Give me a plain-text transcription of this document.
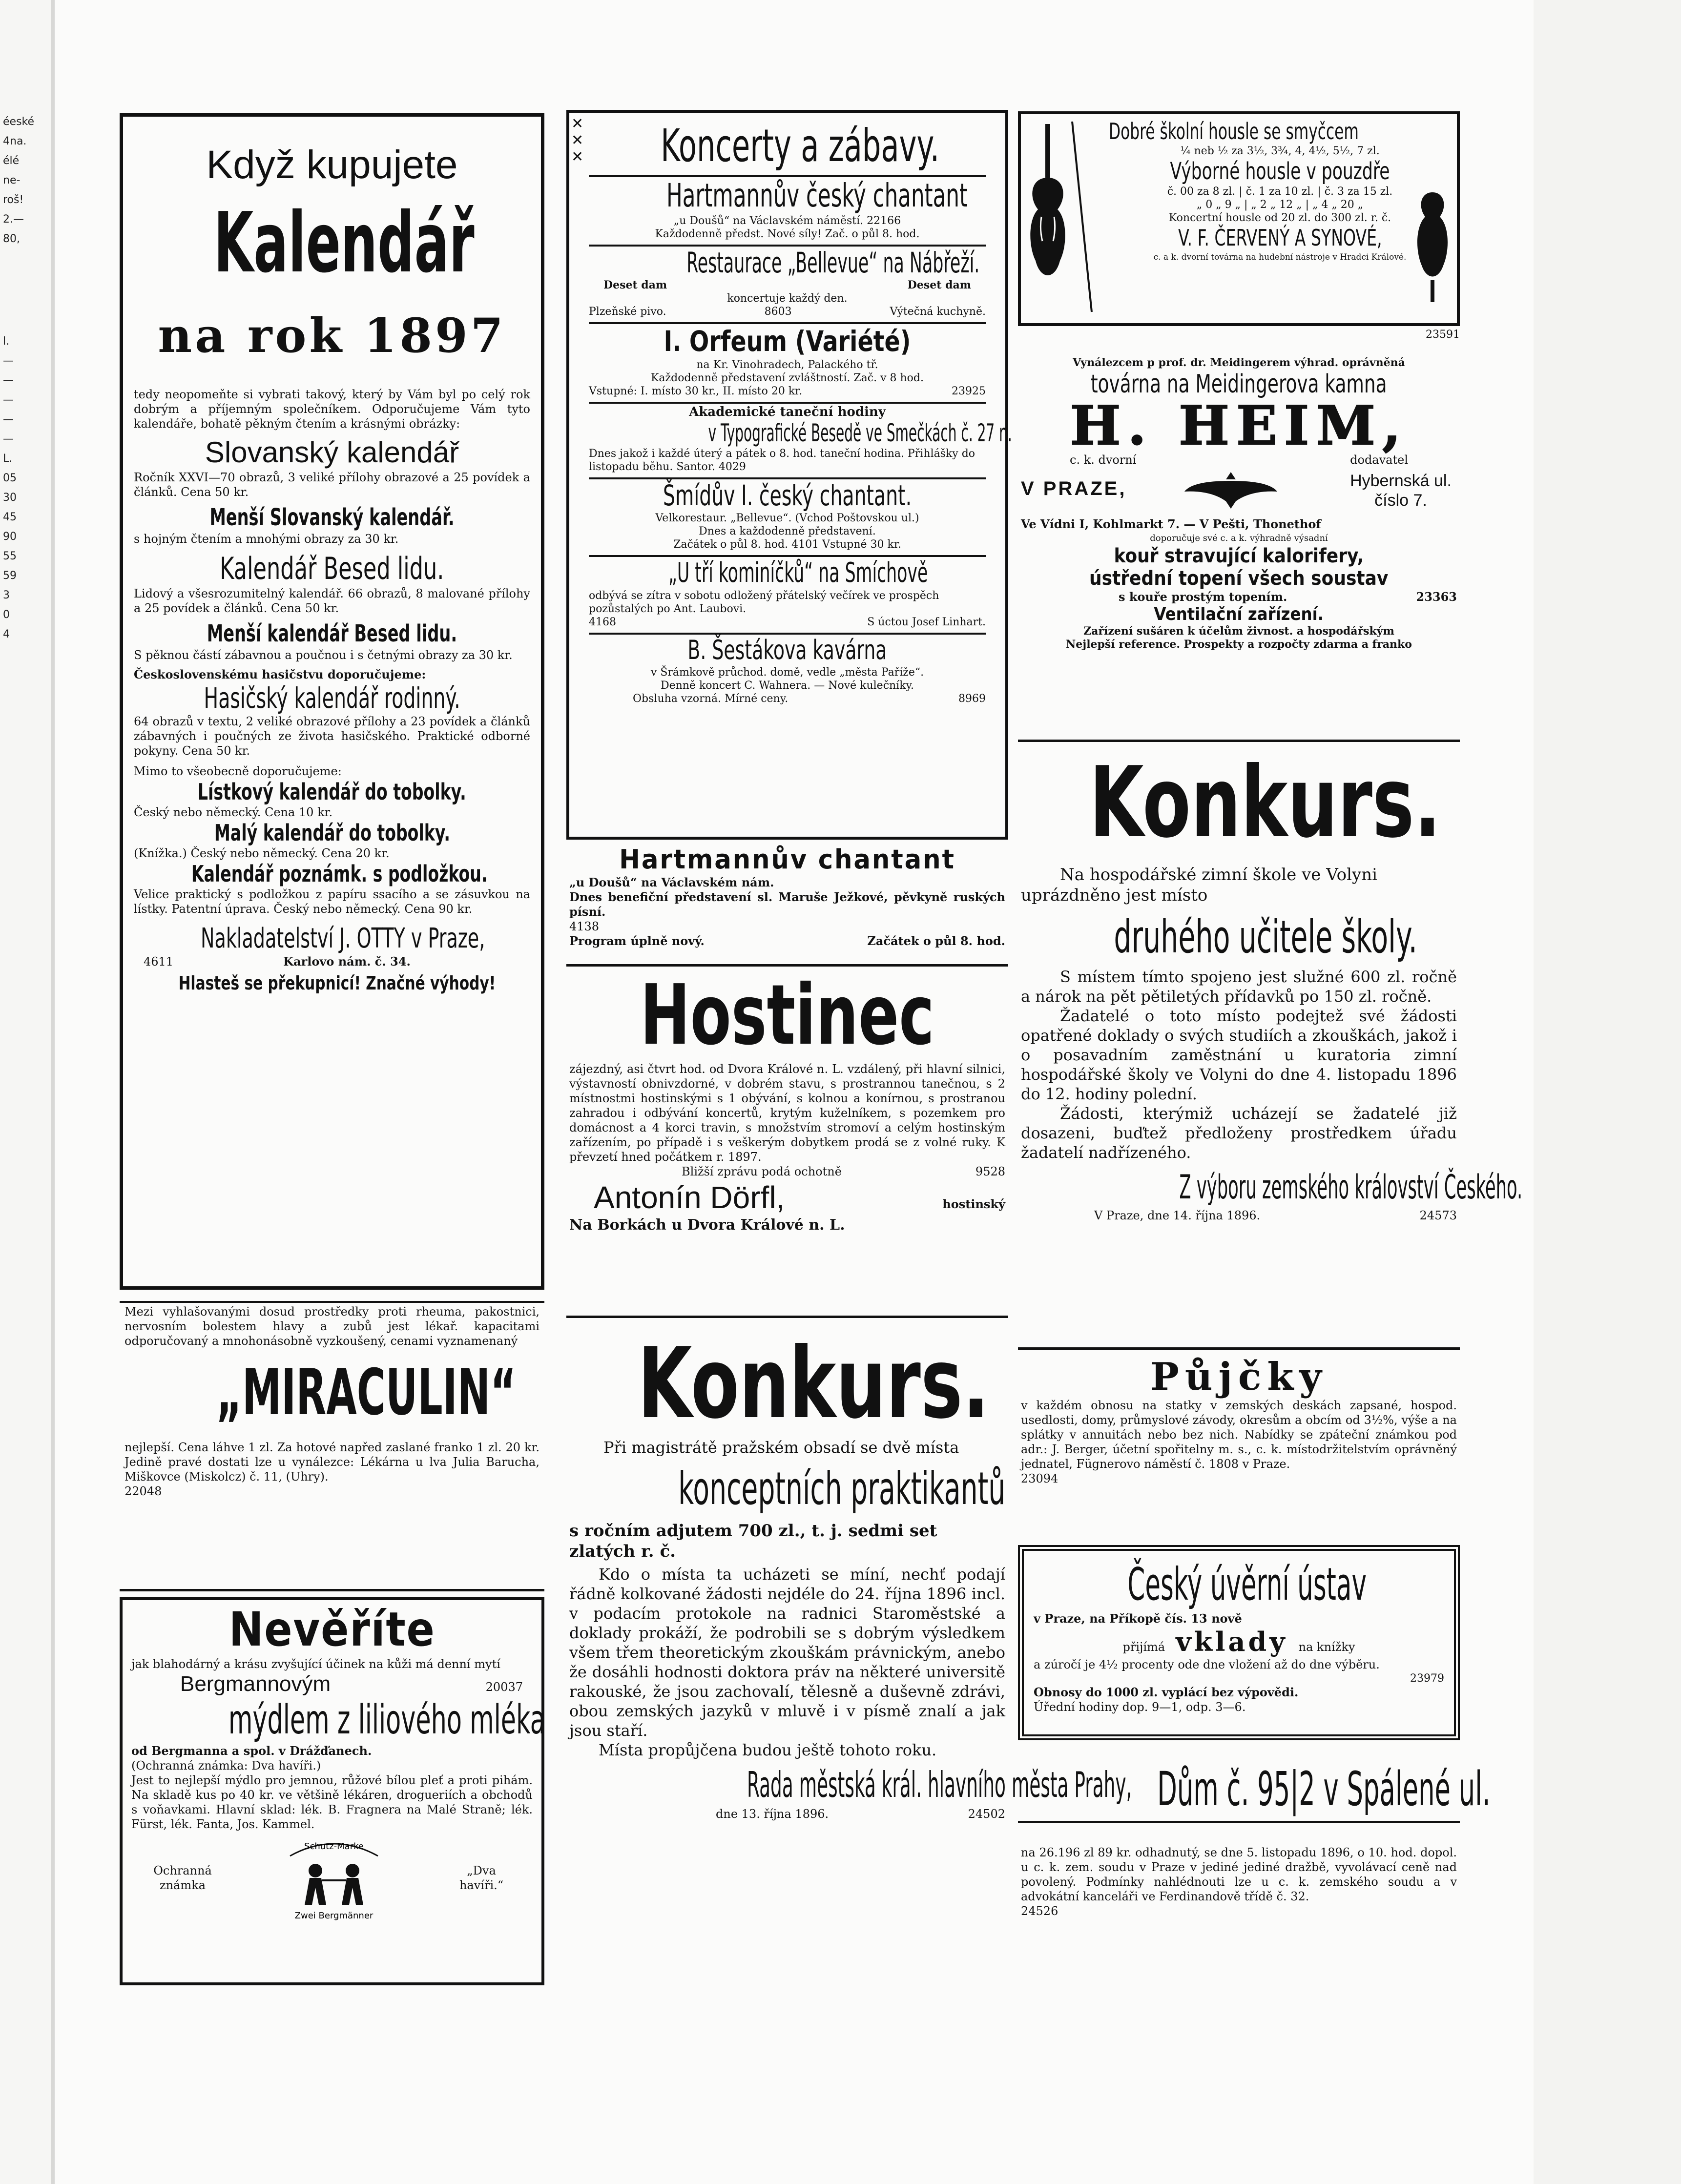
éeské
4na.
élé
ne-
roš!
2.—
80,
l.
—
—
—
—
—
L.
05
30
45
90
55
59
3
0
4
Když kupujete
Kalendář
na rok 1897

tedy neopomeňte si vybrati takový, který by Vám byl po celý rok dobrým a příjemným společníkem. Odporučujeme Vám tyto kalendáře, bohatě pěkným čtením a krásnými obrázky:

Slovanský kalendář

Ročník XXVI—70 obrazů, 3 veliké přílohy obrazové a 25 povídek a článků. Cena 50 kr.

Menší Slovanský kalendář.

s hojným čtením a mnohými obrazy za 30 kr.

Kalendář Besed lidu.

Lidový a všesrozumitelný kalendář. 66 obrazů, 8 malované přílohy a 25 povídek a článků. Cena 50 kr.

Menší kalendář Besed lidu.

S pěknou částí zábavnou a poučnou i s četnými obrazy za 30 kr.

Československému hasičstvu doporučujeme:

Hasičský kalendář rodinný.

64 obrazů v textu, 2 veliké obrazové přílohy a 23 povídek a článků zábavných i poučných ze života hasičského. Praktické odborné pokyny. Cena 50 kr.

Mimo to všeobecně doporučujeme:

Lístkový kalendář do tobolky.

Český nebo německý. Cena 10 kr.

Malý kalendář do tobolky.

(Knížka.) Český nebo německý. Cena 20 kr.

Kalendář poznámk. s podložkou.

Velice praktický s podložkou z papíru ssacího a se zásuvkou na lístky. Patentní úprava. Český nebo německý. Cena 90 kr.

Nakladatelství J. OTTY v Praze,
4611	Karlovo nám. č. 34.
Hlasteš se překupnicí! Značné výhody!

Mezi vyhlašovanými dosud prostředky proti rheuma, pakostnici, nervosním bolestem hlavy a zubů jest lékař. kapacitami odporučovaný a mnohonásobně vyzkoušený, cenami vyznamenaný

„MIRACULIN“

nejlepší. Cena láhve 1 zl. Za hotové napřed zaslané franko 1 zl. 20 kr. Jedině pravé dostati lze u vynálezce: Lékárna u lva Julia Barucha, Miškovce (Miskolcz) č. 11, (Uhry).

22048

Nevěříte

jak blahodárný a krásu zvyšující účinek na kůži má denní mytí

Bergmannovým	20037
mýdlem z liliového mléka

od Bergmanna a spol. v Drážďanech.

(Ochranná známka: Dva havíři.)

Jest to nejlepší mýdlo pro jemnou, růžové bílou pleť a proti pihám. Na skladě kus po 40 kr. ve většině lékáren, drogueriích a obchodů s voňavkami. Hlavní sklad: lék. B. Fragnera na Malé Straně; lék. Fürst, lék. Fanta, Jos. Kammel.

Ochranná známka
Schutz-Marke
Zwei Bergmänner
„Dva havíři.“
✕
✕
✕	Koncerty a zábavy.
Hartmannův český chantant

„u Doušů“ na Václavském náměstí. 22166

Každodenně předst. Nové síly! Zač. o půl 8. hod.

Restaurace „Bellevue“ na Nábřeží.
Deset dam	Deset dam

koncertuje každý den.

Plzeňské pivo.	8603	Výtečná kuchyně.
I. Orfeum (Variété)

na Kr. Vinohradech, Palackého tř.

Každodenně představení zvláštností. Zač. v 8 hod.

Vstupné: I. místo 30 kr., II. místo 20 kr.	23925

Akademické taneční hodiny

v Typografické Besedě ve Smečkách č. 27 n.

Dnes jakož i každé úterý a pátek o 8. hod. taneční hodina. Přihlášky do listopadu běhu. Santor. 4029

Šmídův I. český chantant.

Velkorestaur. „Bellevue“. (Vchod Poštovskou ul.)

Dnes a každodenně představení.

Začátek o půl 8. hod. 4101 Vstupné 30 kr.

„U tří kominíčků“ na Smíchově

odbývá se zítra v sobotu odložený přátelský večírek ve prospěch pozůstalých po Ant. Laubovi.

4168	S úctou Josef Linhart.
B. Šestákova kavárna

v Šrámkově průchod. domě, vedle „města Paříže“.

Denně koncert C. Wahnera. — Nové kulečníky.

Obsluha vzorná. Mírné ceny.	8969
Hartmannův chantant

„u Doušů“ na Václavském nám.

Dnes benefiční představení sl. Maruše Ježkové, pěvkyně ruských písní.

4138

Program úplně nový.	Začátek o půl 8. hod.
Hostinec

zájezdný, asi čtvrt hod. od Dvora Králové n. L. vzdálený, při hlavní silnici, výstavností obnivzdorné, v dobrém stavu, s prostrannou tanečnou, s 2 místnostmi hostinskými s 1 obývání, s kolnou a konírnou, s prostranou zahradou i odbývání koncertů, krytým kuželníkem, s pozemkem pro domácnost a 4 korci travin, s množstvím stromoví a celým hostinským zařízením, po případě i s veškerým dobytkem prodá se z volné ruky. K převzetí hned počátkem r. 1897.

Bližší zprávu podá ochotně	9528
Antonín Dörfl,	hostinský

Na Borkách u Dvora Králové n. L.

Konkurs.

Při magistrátě pražském obsadí se dvě místa

konceptních praktikantů

s ročním adjutem 700 zl., t. j. sedmi set zlatých r. č.

Kdo o místa ta ucházeti se míní, nechť podají řádně kolkované žádosti nejdéle do 24. října 1896 incl. v podacím protokole na radnici Staroměstské a doklady prokáží, že podrobili se s dobrým výsledkem všem třem theoretickým zkouškám právnickým, anebo že dosáhli hodnosti doktora práv na některé universitě rakouské, že jsou zachovalí, tělesně a duševně zdrávi, obou zemských jazyků v mluvě i v písmě znalí a jak jsou staří.

Místa propůjčena budou ještě tohoto roku.

Rada městská král. hlavního města Prahy,
dne 13. října 1896.	24502
Dobré školní housle se smyčcem

¼ neb ½ za 3½, 3¾, 4, 4½, 5½, 7 zl.

Výborné housle v pouzdře

č. 00 za 8 zl. | č. 1 za 10 zl. | č. 3 za 15 zl.

„ 0 „ 9 „ | „ 2 „ 12 „ | „ 4 „ 20 „

Koncertní housle od 20 zl. do 300 zl. r. č.

V. F. ČERVENÝ A SYNOVÉ,

c. a k. dvorní továrna na hudební nástroje v Hradci Králové.

23591

Vynálezcem p prof. dr. Meidingerem výhrad. oprávněná

továrna na Meidingerova kamna
H. HEIM,
c. k. dvorní	dodavatel
V PRAZE,	Hybernská ul. číslo 7.

Ve Vídni I, Kohlmarkt 7. — V Pešti, Thonethof

doporučuje své c. a k. výhradně výsadní

kouř stravující kalorifery,
ústřední topení všech soustav
s kouře prostým topením.	23363
Ventilační zařízení.

Zařízení sušáren k účelům živnost. a hospodářským

Nejlepší reference. Prospekty a rozpočty zdarma a franko

Konkurs.

Na hospodářské zimní škole ve Volyni uprázdněno jest místo

druhého učitele školy.

S místem tímto spojeno jest služné 600 zl. ročně a nárok na pět pětiletých přídavků po 150 zl. ročně.

Žadatelé o toto místo podejtež své žádosti opatřené doklady o svých studiích a zkouškách, jakož i o posavadním zaměstnání u kuratoria zimní hospodářské školy ve Volyni do dne 4. listopadu 1896 do 12. hodiny polední.

Žádosti, kterýmiž ucházejí se žadatelé již dosazeni, buďtež předloženy prostředkem úřadu žadatelí nadřízeného.

Z výboru zemského království Českého.
V Praze, dne 14. října 1896.	24573
Půjčky

v každém obnosu na statky v zemských deskách zapsané, hospod. usedlosti, domy, průmyslové závody, okresům a obcím od 3½%, výše a na splátky v annuitách nebo bez nich. Nabídky se zpáteční známkou pod adr.: J. Berger, účetní spořitelny m. s., c. k. místodržitelstvím oprávněný jednatel, Fügnerovo náměstí č. 1808 v Praze.

23094

Český úvěrní ústav

v Praze, na Příkopě čís. 13 nově

přijímá vklady na knížky

a zúročí je 4½ procenty ode dne vložení až do dne výběru.

23979

Obnosy do 1000 zl. vyplácí bez výpovědi.

Úřední hodiny dop. 9—1, odp. 3—6.

Dům č. 95|2 v Spálené ul.

na 26.196 zl 89 kr. odhadnutý, se dne 5. listopadu 1896, o 10. hod. dopol. u c. k. zem. soudu v Praze v jediné jediné dražbě, vyvolávací ceně nad povolený. Podmínky nahlédnouti lze u c. k. zemského soudu a v advokátní kanceláři ve Ferdinandově třídě č. 32.

24526
